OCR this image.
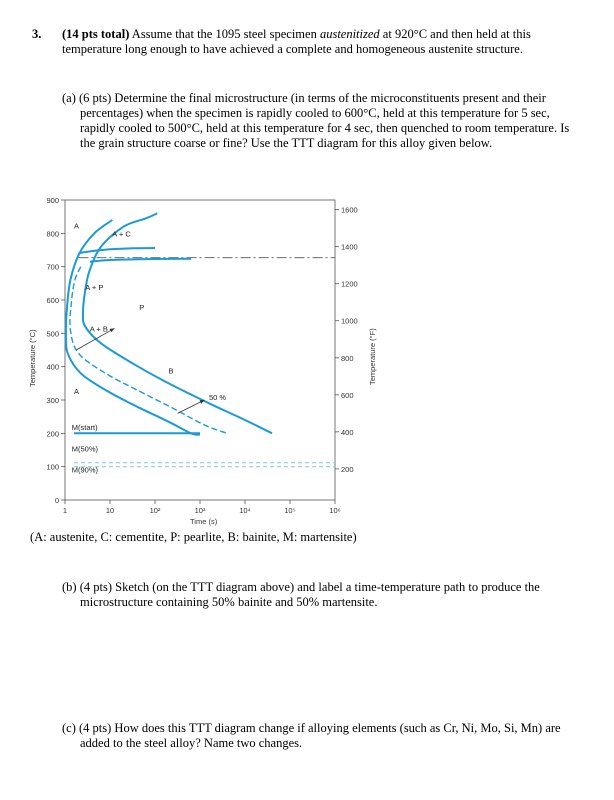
3. (14 pts total) Assume that the 1095 steel specimen austenitized at 920°C and then held at this temperature long enough to have achieved a complete and homogeneous austenite structure.
(a) (6 pts) Determine the final microstructure (in terms of the microconstituents present and their percentages) when the specimen is rapidly cooled to 600°C, held at this temperature for 5 sec, rapidly cooled to 500°C, held at this temperature for 4 sec, then quenched to room temperature. Is the grain structure coarse or fine? Use the TTT diagram for this alloy given below.
0
100
200
300
400
500
600
700
800
900
1	10	10²	10³	10⁴	10⁵	10⁶
200
400
600
800
1000
1200
1400
1600
A
A + C
A + P
P
A + B
B
A
50 %
M(start)
M(50%)
M(90%)
Time (s)
Temperature (°C)	Temperature (°F)
(A: austenite, C: cementite, P: pearlite, B: bainite, M: martensite)
(b) (4 pts) Sketch (on the TTT diagram above) and label a time-temperature path to produce the microstructure containing 50% bainite and 50% martensite.
(c) (4 pts) How does this TTT diagram change if alloying elements (such as Cr, Ni, Mo, Si, Mn) are added to the steel alloy? Name two changes.
